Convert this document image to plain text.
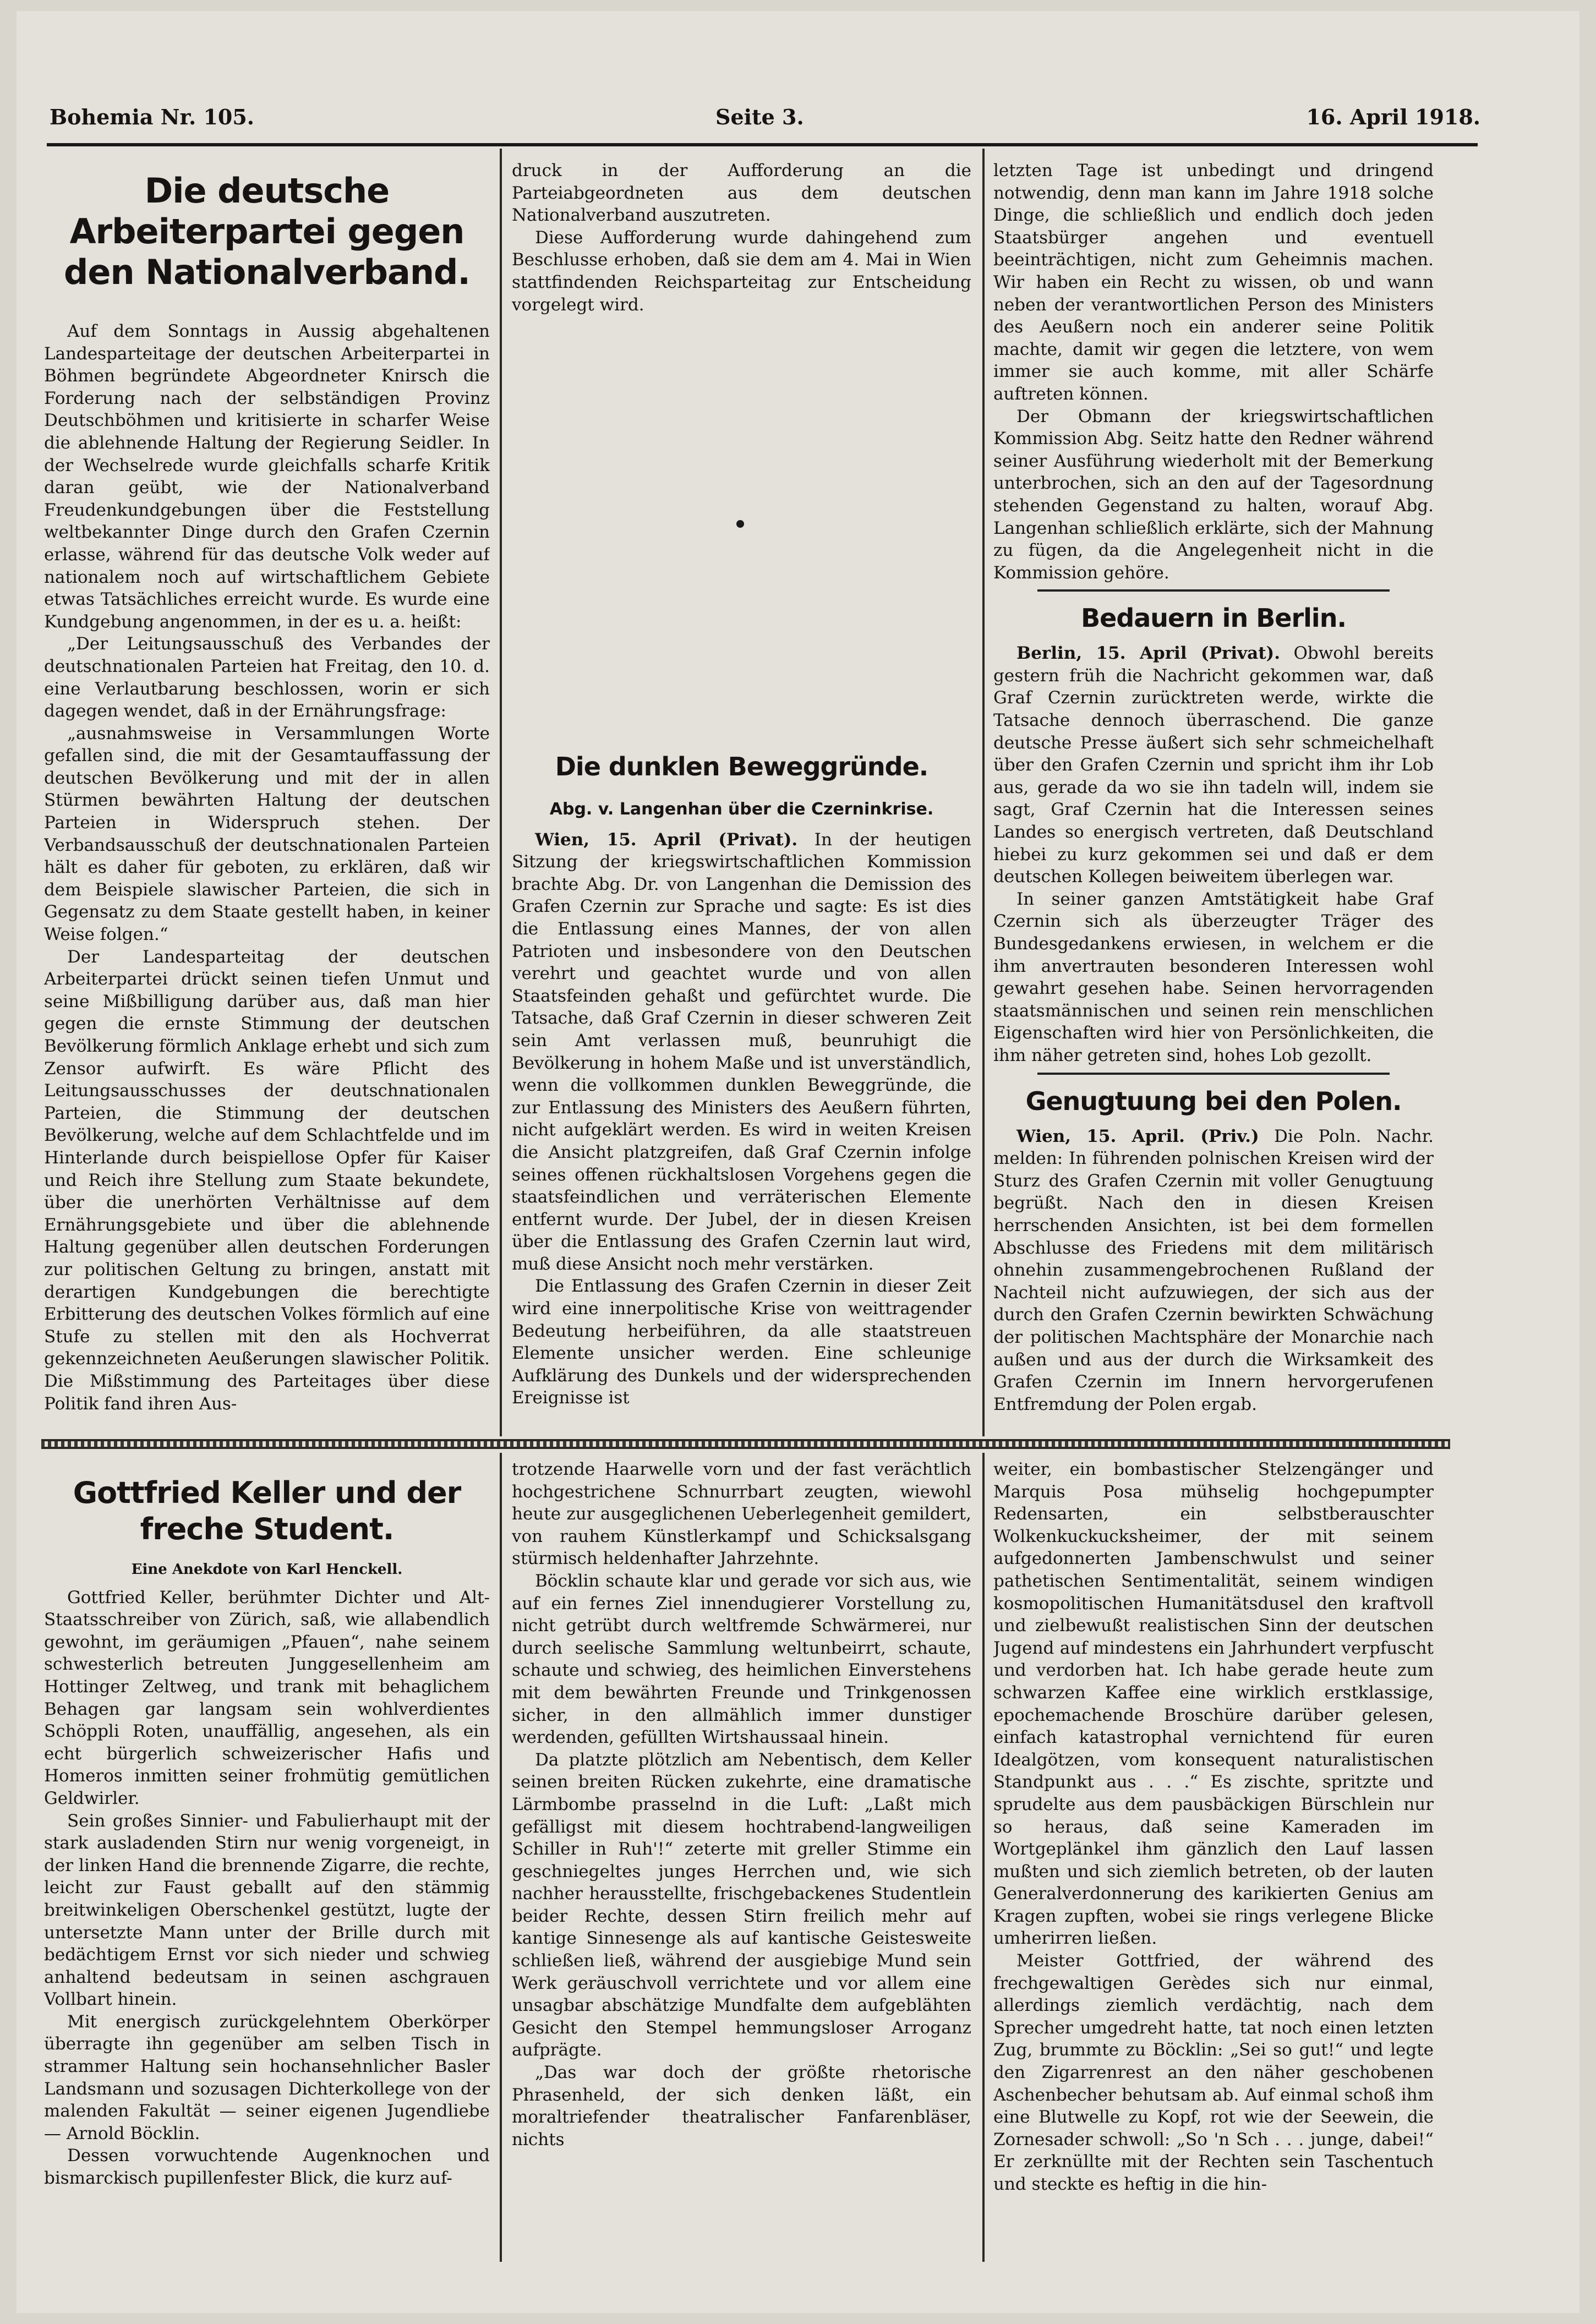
Bohemia Nr. 105.	Seite 3.	16. April 1918.
Die deutsche Arbeiterpartei gegen den Nationalverband.

Auf dem Sonntags in Aussig abgehaltenen Landesparteitage der deutschen Arbeiterpartei in Böhmen begründete Abgeordneter Knirsch die Forderung nach der selbständigen Provinz Deutschböhmen und kritisierte in scharfer Weise die ablehnende Haltung der Regierung Seidler. In der Wechselrede wurde gleichfalls scharfe Kritik daran geübt, wie der Nationalverband Freudenkundgebungen über die Feststellung weltbekannter Dinge durch den Grafen Czernin erlasse, während für das deutsche Volk weder auf nationalem noch auf wirtschaftlichem Gebiete etwas Tatsächliches erreicht wurde. Es wurde eine Kundgebung angenommen, in der es u. a. heißt:

„Der Leitungsausschuß des Verbandes der deutschnationalen Parteien hat Freitag, den 10. d. eine Verlautbarung beschlossen, worin er sich dagegen wendet, daß in der Ernährungsfrage:

„ausnahmsweise in Versammlungen Worte gefallen sind, die mit der Gesamtauffassung der deutschen Bevölkerung und mit der in allen Stürmen bewährten Haltung der deutschen Parteien in Widerspruch stehen. Der Verbandsausschuß der deutschnationalen Parteien hält es daher für geboten, zu erklären, daß wir dem Beispiele slawischer Parteien, die sich in Gegensatz zu dem Staate gestellt haben, in keiner Weise folgen.“

Der Landesparteitag der deutschen Arbeiterpartei drückt seinen tiefen Unmut und seine Mißbilligung darüber aus, daß man hier gegen die ernste Stimmung der deutschen Bevölkerung förmlich Anklage erhebt und sich zum Zensor aufwirft. Es wäre Pflicht des Leitungsausschusses der deutschnationalen Parteien, die Stimmung der deutschen Bevölkerung, welche auf dem Schlachtfelde und im Hinterlande durch beispiellose Opfer für Kaiser und Reich ihre Stellung zum Staate bekundete, über die unerhörten Verhältnisse auf dem Ernährungsgebiete und über die ablehnende Haltung gegenüber allen deutschen Forderungen zur politischen Geltung zu bringen, anstatt mit derartigen Kundgebungen die berechtigte Erbitterung des deutschen Volkes förmlich auf eine Stufe zu stellen mit den als Hochverrat gekennzeichneten Aeußerungen slawischer Politik. Die Mißstimmung des Parteitages über diese Politik fand ihren Aus-

druck in der Aufforderung an die Parteiabgeordneten aus dem deutschen Nationalverband auszutreten.

Diese Aufforderung wurde dahingehend zum Beschlusse erhoben, daß sie dem am 4. Mai in Wien stattfindenden Reichsparteitag zur Entscheidung vorgelegt wird.

Die dunklen Beweggründe.
Abg. v. Langenhan über die Czerninkrise.

Wien, 15. April (Privat). In der heutigen Sitzung der kriegswirtschaftlichen Kommission brachte Abg. Dr. von Langenhan die Demission des Grafen Czernin zur Sprache und sagte: Es ist dies die Entlassung eines Mannes, der von allen Patrioten und insbesondere von den Deutschen verehrt und geachtet wurde und von allen Staatsfeinden gehaßt und gefürchtet wurde. Die Tatsache, daß Graf Czernin in dieser schweren Zeit sein Amt verlassen muß, beunruhigt die Bevölkerung in hohem Maße und ist unverständlich, wenn die vollkommen dunklen Beweggründe, die zur Entlassung des Ministers des Aeußern führten, nicht aufgeklärt werden. Es wird in weiten Kreisen die Ansicht platzgreifen, daß Graf Czernin infolge seines offenen rückhaltslosen Vorgehens gegen die staatsfeindlichen und verräterischen Elemente entfernt wurde. Der Jubel, der in diesen Kreisen über die Entlassung des Grafen Czernin laut wird, muß diese Ansicht noch mehr verstärken.

Die Entlassung des Grafen Czernin in dieser Zeit wird eine innerpolitische Krise von weittragender Bedeutung herbeiführen, da alle staatstreuen Elemente unsicher werden. Eine schleunige Aufklärung des Dunkels und der widersprechenden Ereignisse ist

letzten Tage ist unbedingt und dringend notwendig, denn man kann im Jahre 1918 solche Dinge, die schließlich und endlich doch jeden Staatsbürger angehen und eventuell beeinträchtigen, nicht zum Geheimnis machen. Wir haben ein Recht zu wissen, ob und wann neben der verantwortlichen Person des Ministers des Aeußern noch ein anderer seine Politik machte, damit wir gegen die letztere, von wem immer sie auch komme, mit aller Schärfe auftreten können.

Der Obmann der kriegswirtschaftlichen Kommission Abg. Seitz hatte den Redner während seiner Ausführung wiederholt mit der Bemerkung unterbrochen, sich an den auf der Tagesordnung stehenden Gegenstand zu halten, worauf Abg. Langenhan schließlich erklärte, sich der Mahnung zu fügen, da die Angelegenheit nicht in die Kommission gehöre.

Bedauern in Berlin.

Berlin, 15. April (Privat). Obwohl bereits gestern früh die Nachricht gekommen war, daß Graf Czernin zurücktreten werde, wirkte die Tatsache dennoch überraschend. Die ganze deutsche Presse äußert sich sehr schmeichelhaft über den Grafen Czernin und spricht ihm ihr Lob aus, gerade da wo sie ihn tadeln will, indem sie sagt, Graf Czernin hat die Interessen seines Landes so energisch vertreten, daß Deutschland hiebei zu kurz gekommen sei und daß er dem deutschen Kollegen beiweitem überlegen war.

In seiner ganzen Amtstätigkeit habe Graf Czernin sich als überzeugter Träger des Bundesgedankens erwiesen, in welchem er die ihm anvertrauten besonderen Interessen wohl gewahrt gesehen habe. Seinen hervorragenden staatsmännischen und seinen rein menschlichen Eigenschaften wird hier von Persönlichkeiten, die ihm näher getreten sind, hohes Lob gezollt.

Genugtuung bei den Polen.

Wien, 15. April. (Priv.) Die Poln. Nachr. melden: In führenden polnischen Kreisen wird der Sturz des Grafen Czernin mit voller Genugtuung begrüßt. Nach den in diesen Kreisen herrschenden Ansichten, ist bei dem formellen Abschlusse des Friedens mit dem militärisch ohnehin zusammengebrochenen Rußland der Nachteil nicht aufzuwiegen, der sich aus der durch den Grafen Czernin bewirkten Schwächung der politischen Machtsphäre der Monarchie nach außen und aus der durch die Wirksamkeit des Grafen Czernin im Innern hervorgerufenen Entfremdung der Polen ergab.

Gottfried Keller und der freche Student.
Eine Anekdote von Karl Henckell.

Gottfried Keller, berühmter Dichter und Alt-Staatsschreiber von Zürich, saß, wie allabendlich gewohnt, im geräumigen „Pfauen“, nahe seinem schwesterlich betreuten Junggesellenheim am Hottinger Zeltweg, und trank mit behaglichem Behagen gar langsam sein wohlverdientes Schöppli Roten, unauffällig, angesehen, als ein echt bürgerlich schweizerischer Hafis und Homeros inmitten seiner frohmütig gemütlichen Geldwirler.

Sein großes Sinnier- und Fabulierhaupt mit der stark ausladenden Stirn nur wenig vorgeneigt, in der linken Hand die brennende Zigarre, die rechte, leicht zur Faust geballt auf den stämmig breitwinkeligen Oberschenkel gestützt, lugte der untersetzte Mann unter der Brille durch mit bedächtigem Ernst vor sich nieder und schwieg anhaltend bedeutsam in seinen aschgrauen Vollbart hinein.

Mit energisch zurückgelehntem Oberkörper überragte ihn gegenüber am selben Tisch in strammer Haltung sein hochansehnlicher Basler Landsmann und sozusagen Dichterkollege von der malenden Fakultät — seiner eigenen Jugendliebe — Arnold Böcklin.

Dessen vorwuchtende Augenknochen und bismarckisch pupillenfester Blick, die kurz auf-

trotzende Haarwelle vorn und der fast verächtlich hochgestrichene Schnurrbart zeugten, wiewohl heute zur ausgeglichenen Ueberlegenheit gemildert, von rauhem Künstlerkampf und Schicksalsgang stürmisch heldenhafter Jahrzehnte.

Böcklin schaute klar und gerade vor sich aus, wie auf ein fernes Ziel innendugierer Vorstellung zu, nicht getrübt durch weltfremde Schwärmerei, nur durch seelische Sammlung weltunbeirrt, schaute, schaute und schwieg, des heimlichen Einverstehens mit dem bewährten Freunde und Trinkgenossen sicher, in den allmählich immer dunstiger werdenden, gefüllten Wirtshaussaal hinein.

Da platzte plötzlich am Nebentisch, dem Keller seinen breiten Rücken zukehrte, eine dramatische Lärmbombe prasselnd in die Luft: „Laßt mich gefälligst mit diesem hochtrabend-langweiligen Schiller in Ruh'!“ zeterte mit greller Stimme ein geschniegeltes junges Herrchen und, wie sich nachher herausstellte, frischgebackenes Studentlein beider Rechte, dessen Stirn freilich mehr auf kantige Sinnesenge als auf kantische Geistesweite schließen ließ, während der ausgiebige Mund sein Werk geräuschvoll verrichtete und vor allem eine unsagbar abschätzige Mundfalte dem aufgeblähten Gesicht den Stempel hemmungsloser Arroganz aufprägte.

„Das war doch der größte rhetorische Phrasenheld, der sich denken läßt, ein moraltriefender theatralischer Fanfarenbläser, nichts

weiter, ein bombastischer Stelzengänger und Marquis Posa mühselig hochgepumpter Redensarten, ein selbstberauschter Wolkenkuckucksheimer, der mit seinem aufgedonnerten Jambenschwulst und seiner pathetischen Sentimentalität, seinem windigen kosmopolitischen Humanitätsdusel den kraftvoll und zielbewußt realistischen Sinn der deutschen Jugend auf mindestens ein Jahrhundert verpfuscht und verdorben hat. Ich habe gerade heute zum schwarzen Kaffee eine wirklich erstklassige, epochemachende Broschüre darüber gelesen, einfach katastrophal vernichtend für euren Idealgötzen, vom konsequent naturalistischen Standpunkt aus . . .“ Es zischte, spritzte und sprudelte aus dem pausbäckigen Bürschlein nur so heraus, daß seine Kameraden im Wortgeplänkel ihm gänzlich den Lauf lassen mußten und sich ziemlich betreten, ob der lauten Generalverdonnerung des karikierten Genius am Kragen zupften, wobei sie rings verlegene Blicke umherirren ließen.

Meister Gottfried, der während des frechgewaltigen Gerèdes sich nur einmal, allerdings ziemlich verdächtig, nach dem Sprecher umgedreht hatte, tat noch einen letzten Zug, brummte zu Böcklin: „Sei so gut!“ und legte den Zigarrenrest an den näher geschobenen Aschenbecher behutsam ab. Auf einmal schoß ihm eine Blutwelle zu Kopf, rot wie der Seewein, die Zornesader schwoll: „So 'n Sch . . . junge, dabei!“ Er zerknüllte mit der Rechten sein Taschentuch und steckte es heftig in die hin-
